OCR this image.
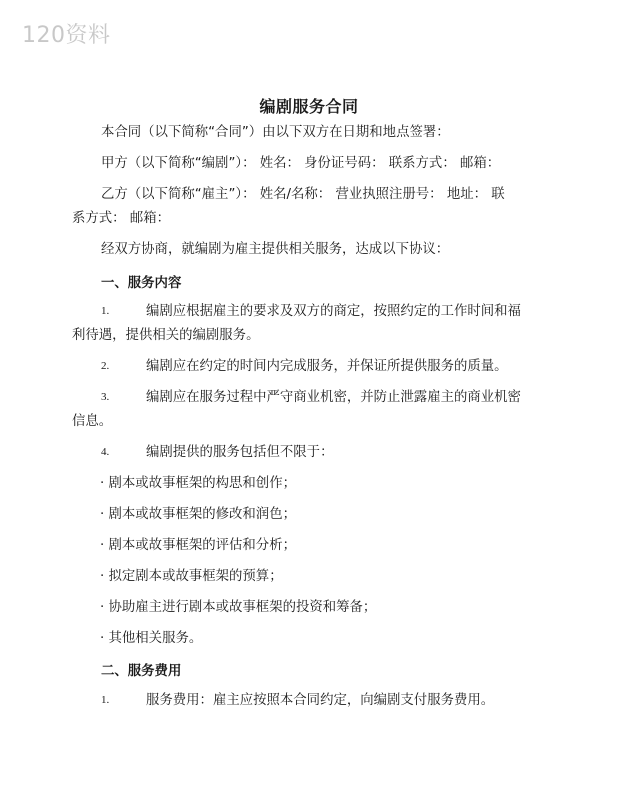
120资料
编剧服务合同
本合同（以下简称“合同”）由以下双方在日期和地点签署：
甲方（以下简称“编剧”）： 姓名： 身份证号码： 联系方式： 邮箱：
乙方（以下简称“雇主”）： 姓名/名称： 营业执照注册号： 地址： 联
系方式： 邮箱：
经双方协商，就编剧为雇主提供相关服务，达成以下协议：
一、服务内容
1.	编剧应根据雇主的要求及双方的商定，按照约定的工作时间和福
利待遇，提供相关的编剧服务。
2.	编剧应在约定的时间内完成服务，并保证所提供服务的质量。
3.	编剧应在服务过程中严守商业机密，并防止泄露雇主的商业机密
信息。
4.	编剧提供的服务包括但不限于：
· 剧本或故事框架的构思和创作；
· 剧本或故事框架的修改和润色；
· 剧本或故事框架的评估和分析；
· 拟定剧本或故事框架的预算；
· 协助雇主进行剧本或故事框架的投资和筹备；
· 其他相关服务。
二、服务费用
1.	服务费用：雇主应按照本合同约定，向编剧支付服务费用。
